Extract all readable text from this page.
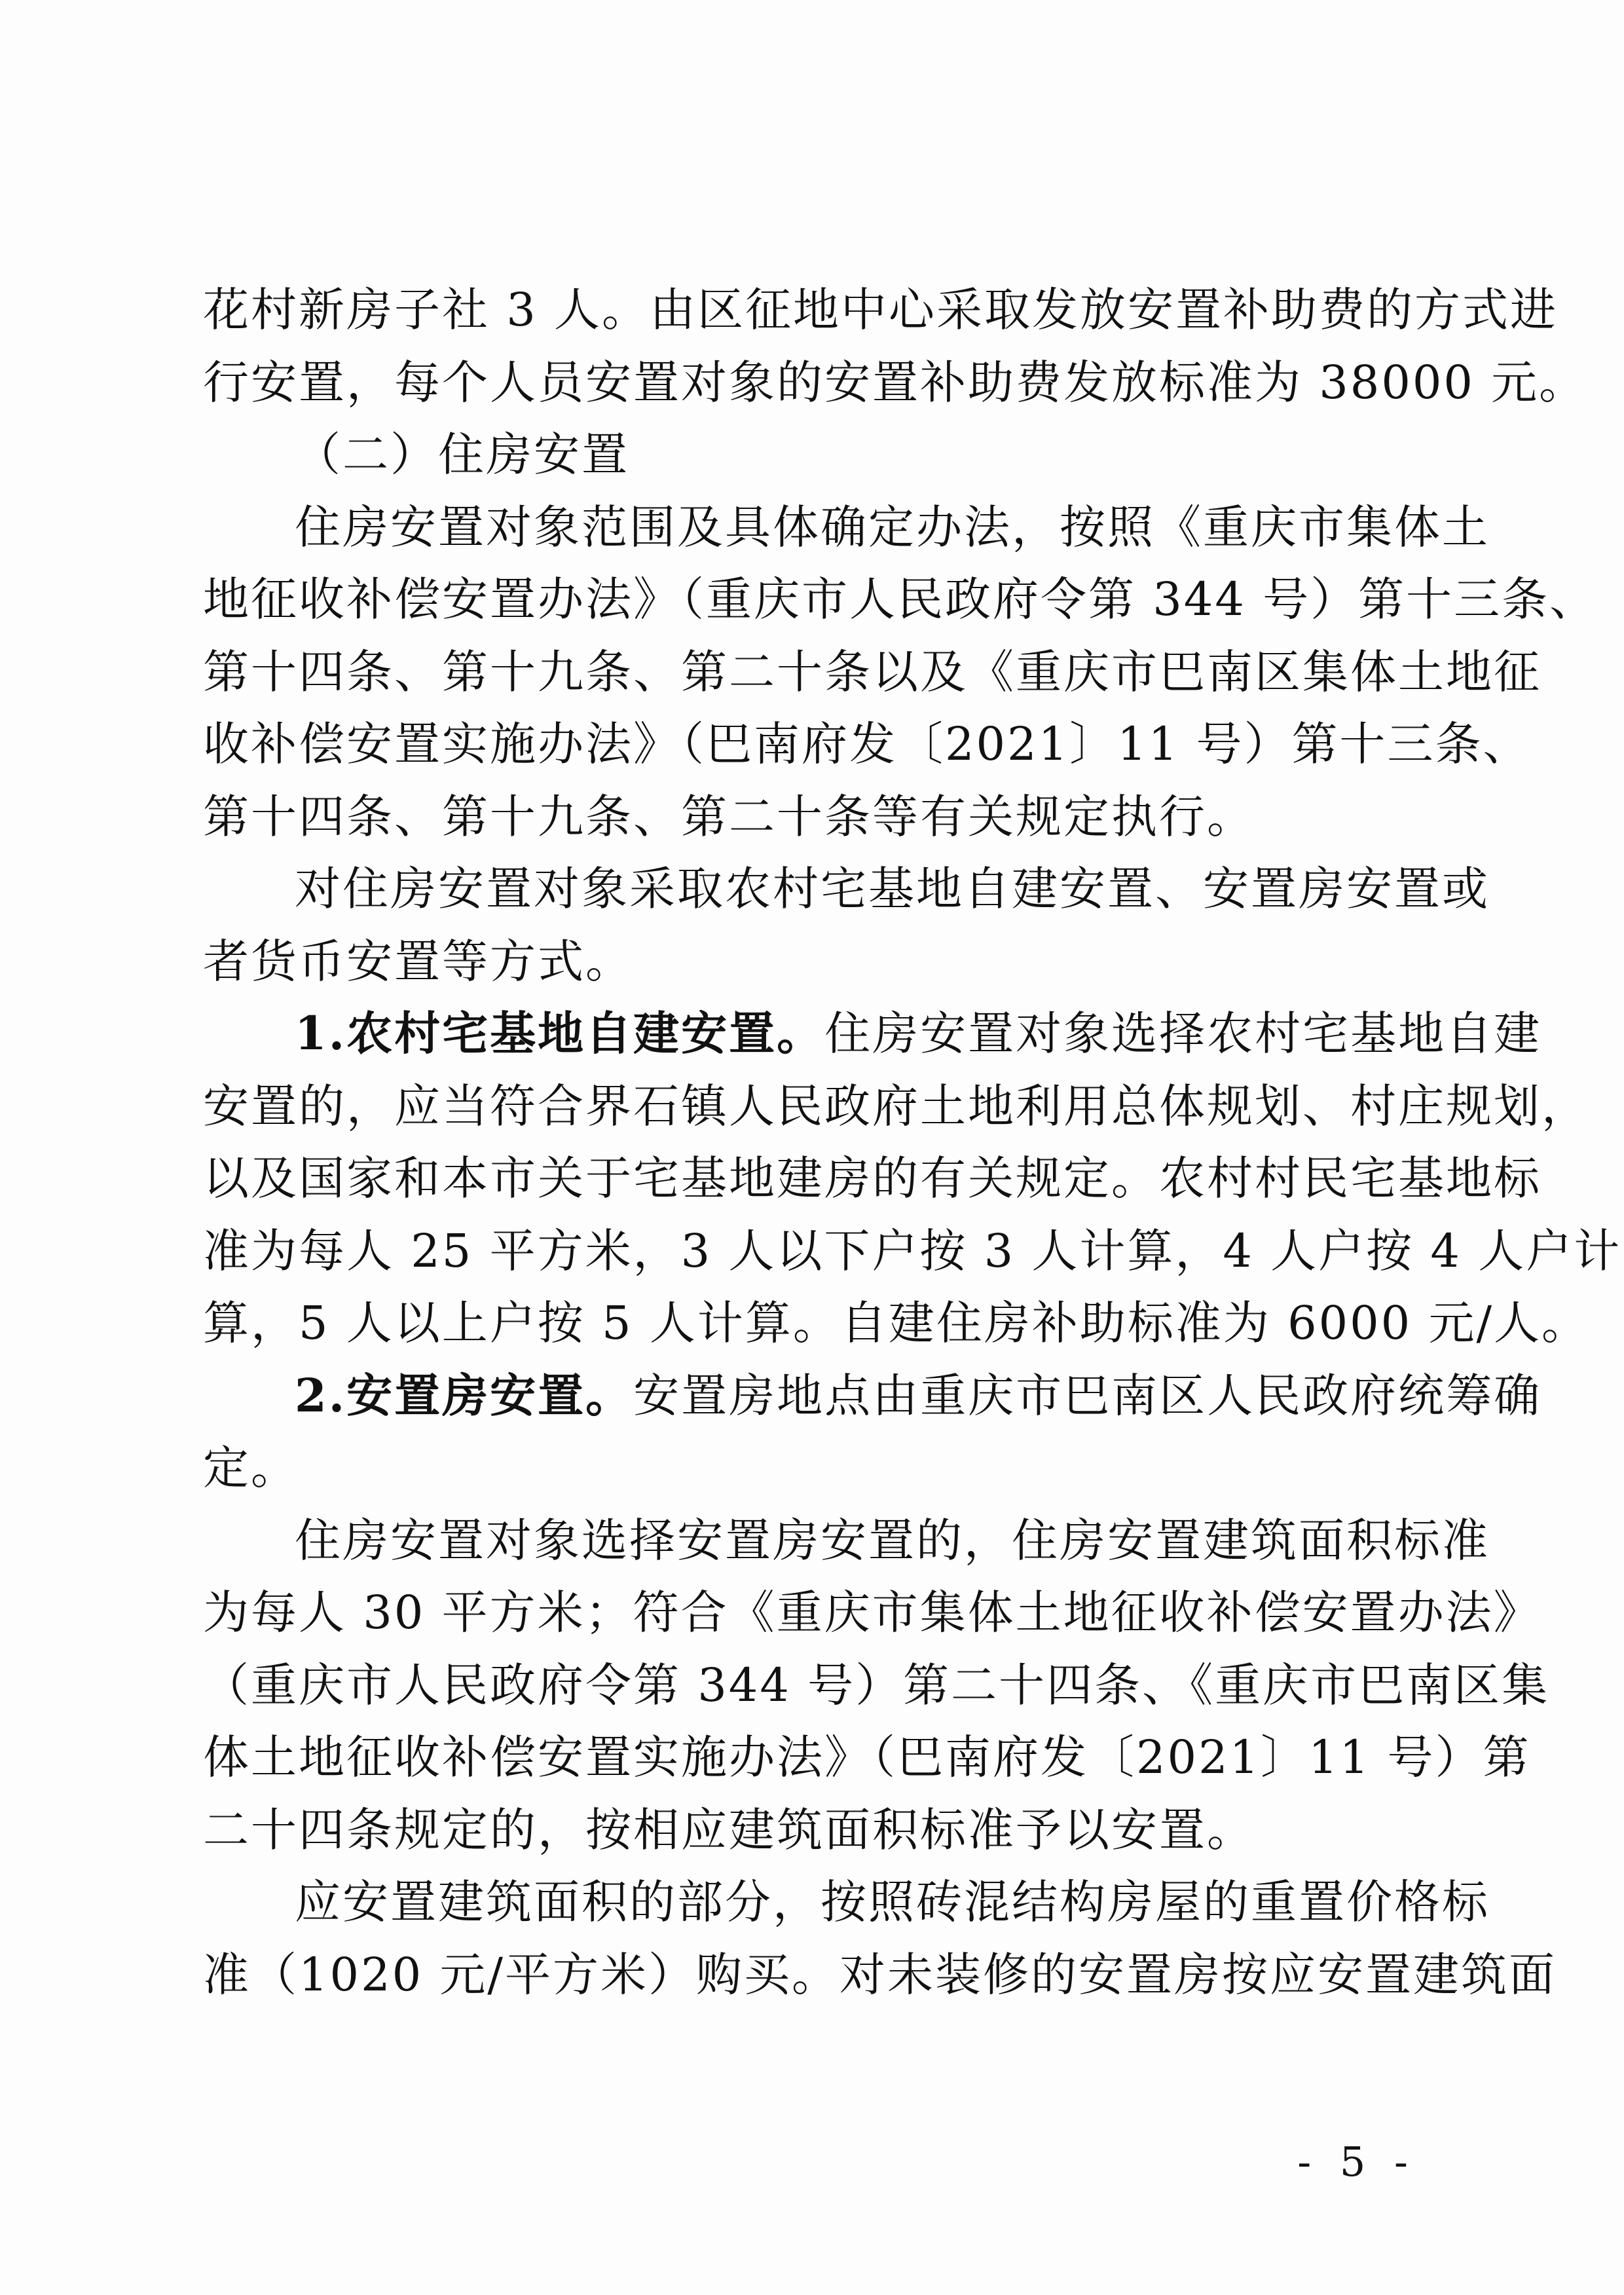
花村新房子社 3 人。由区征地中心采取发放安置补助费的方式进
行安置，每个人员安置对象的安置补助费发放标准为 38000 元。
（二）住房安置
住房安置对象范围及具体确定办法，按照《重庆市集体土
地征收补偿安置办法》（重庆市人民政府令第 344 号）第十三条、
第十四条、第十九条、第二十条以及《重庆市巴南区集体土地征
收补偿安置实施办法》（巴南府发〔2021〕11 号）第十三条、
第十四条、第十九条、第二十条等有关规定执行。
对住房安置对象采取农村宅基地自建安置、安置房安置或
者货币安置等方式。
1.农村宅基地自建安置。住房安置对象选择农村宅基地自建
安置的，应当符合界石镇人民政府土地利用总体规划、村庄规划，
以及国家和本市关于宅基地建房的有关规定。农村村民宅基地标
准为每人 25 平方米，3 人以下户按 3 人计算，4 人户按 4 人户计
算，5 人以上户按 5 人计算。自建住房补助标准为 6000 元/人。
2.安置房安置。安置房地点由重庆市巴南区人民政府统筹确
定。
住房安置对象选择安置房安置的，住房安置建筑面积标准
为每人 30 平方米；符合《重庆市集体土地征收补偿安置办法》
（重庆市人民政府令第 344 号）第二十四条、《重庆市巴南区集
体土地征收补偿安置实施办法》（巴南府发〔2021〕11 号）第
二十四条规定的，按相应建筑面积标准予以安置。
应安置建筑面积的部分，按照砖混结构房屋的重置价格标
准（1020 元/平方米）购买。对未装修的安置房按应安置建筑面
- 5 -
